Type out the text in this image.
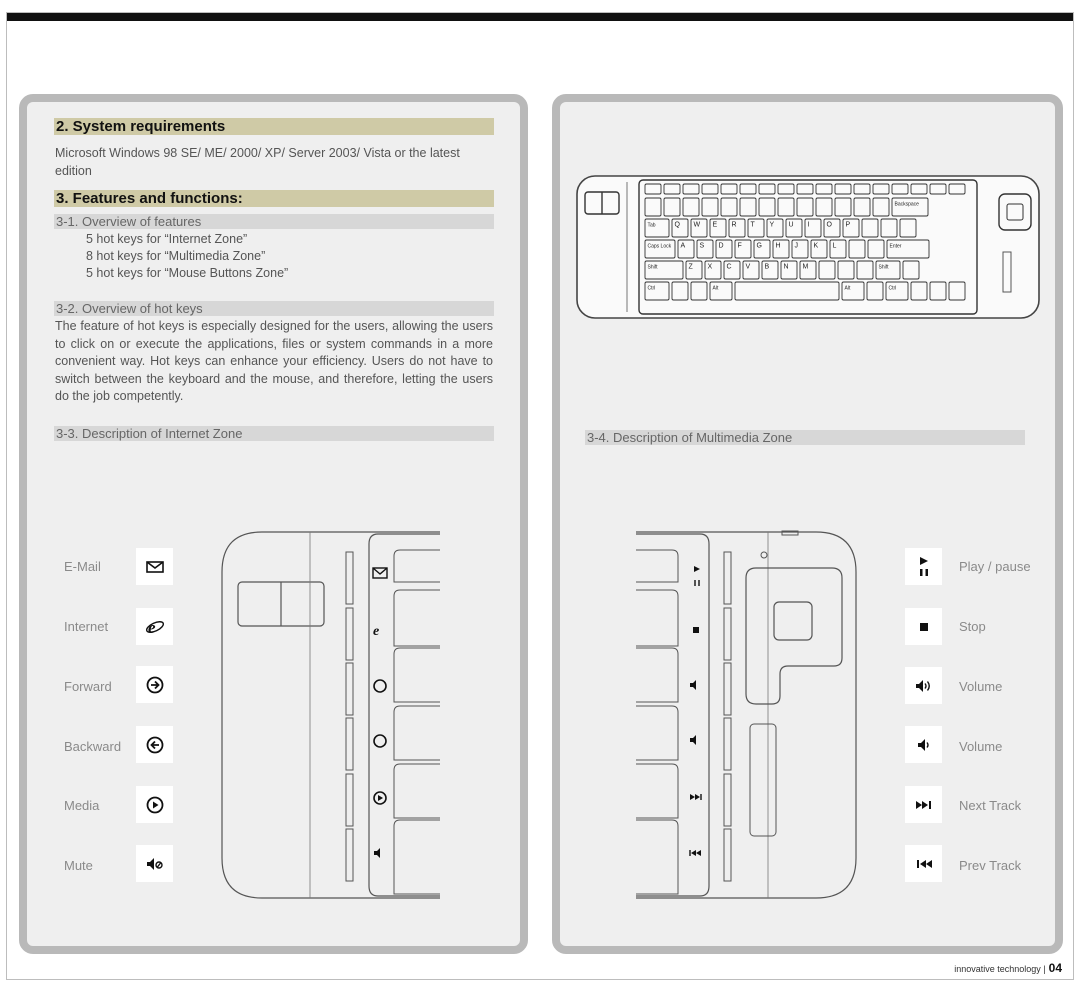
2. System requirements
Microsoft Windows 98 SE/ ME/ 2000/ XP/ Server 2003/ Vista or the latest edition
3. Features and functions:
3-1. Overview of features
5 hot keys for “Internet Zone”
8 hot keys for “Multimedia Zone”
5 hot keys for “Mouse Buttons Zone”
3-2. Overview of hot keys
The feature of hot keys is especially designed for the users, allowing the users to click on or execute the applications, files or system commands in a more convenient way. Hot keys can enhance your efficiency. Users do not have to switch between the keyboard and the mouse, and therefore, letting the users do the job competently.
3-3. Description of Internet Zone
E-Mail
Internet e
Forward
Backward
Media
Mute
e
Backspace
Tab	Q W E R T Y U I O P
Caps Lock A S D F G H J K L	Enter
Shift	Z X C V B N M	Shift
Ctrl	Alt	Alt	Ctrl
3-4. Description of Multimedia Zone
Play / pause
Stop
Volume
Volume
Next Track
Prev Track
innovative technology | 04
